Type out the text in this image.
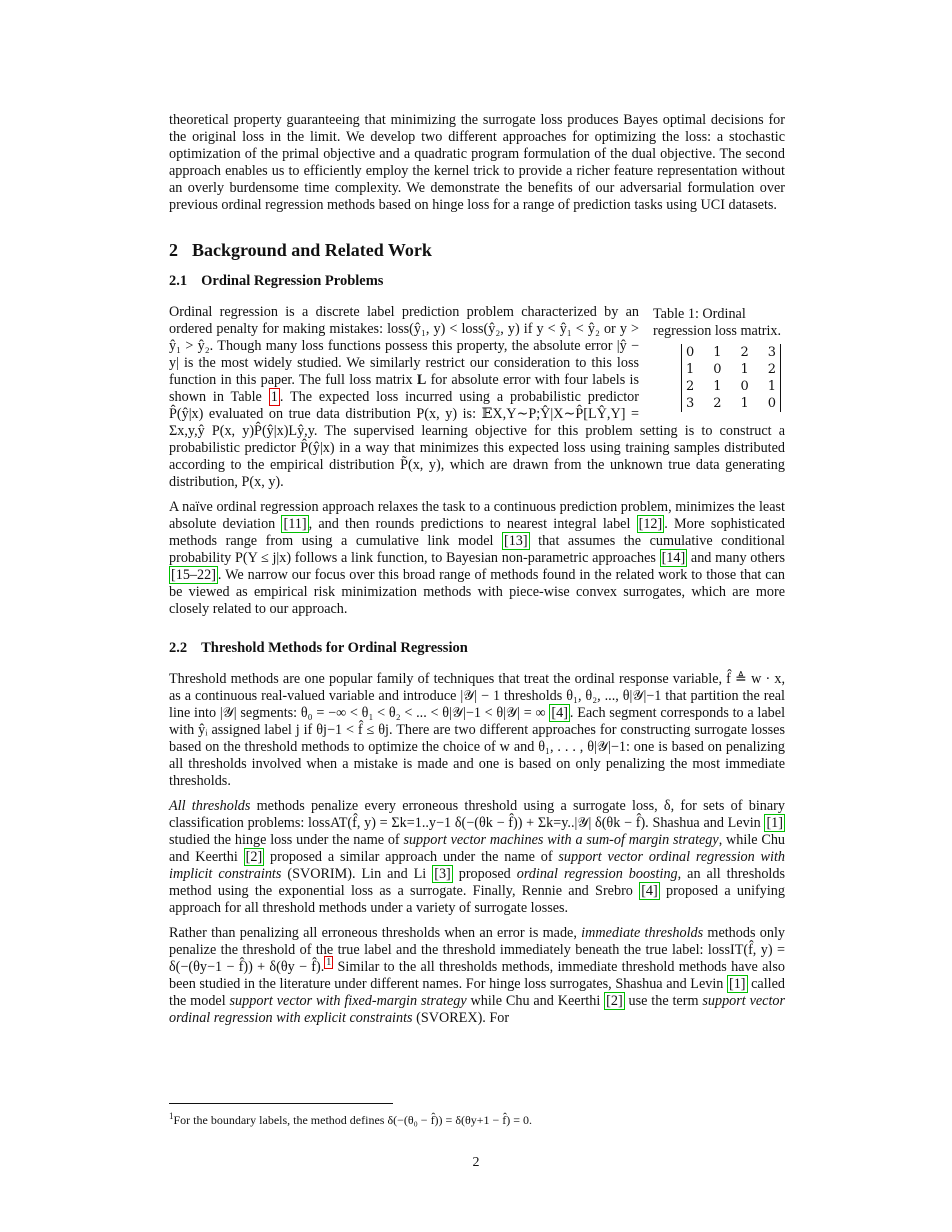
theoretical property guaranteeing that minimizing the surrogate loss produces Bayes optimal decisions for the original loss in the limit. We develop two different approaches for optimizing the loss: a stochastic optimization of the primal objective and a quadratic program formulation of the dual objective. The second approach enables us to efficiently employ the kernel trick to provide a richer feature representation without an overly burdensome time complexity. We demonstrate the benefits of our adversarial formulation over previous ordinal regression methods based on hinge loss for a range of prediction tasks using UCI datasets.

2 Background and Related Work
2.1 Ordinal Regression Problems
Table 1: Ordinal regression loss matrix.
0 1 2 3
1 0 1 2
2 1 0 1
3 2 1 0

Ordinal regression is a discrete label prediction problem characterized by an ordered penalty for making mistakes: loss(ŷ₁, y) < loss(ŷ₂, y) if y < ŷ₁ < ŷ₂ or y > ŷ₁ > ŷ₂. Though many loss functions possess this property, the absolute error |ŷ − y| is the most widely studied. We similarly restrict our consideration to this loss function in this paper. The full loss matrix L for absolute error with four labels is shown in Table 1 . The expected loss incurred using a probabilistic predictor P̂(ŷ|x) evaluated on true data distribution P(x, y) is: 𝔼X,Y∼P;Ŷ|X∼P̂[LŶ,Y] = Σx,y,ŷ P(x, y)P̂(ŷ|x)Lŷ,y. The supervised learning objective for this problem setting is to construct a probabilistic predictor P̂(ŷ|x) in a way that minimizes this expected loss using training samples distributed according to the empirical distribution P̃(x, y), which are drawn from the unknown true data generating distribution, P(x, y).

A naïve ordinal regression approach relaxes the task to a continuous prediction problem, minimizes the least absolute deviation [11] , and then rounds predictions to nearest integral label [12] . More sophisticated methods range from using a cumulative link model [13] that assumes the cumulative conditional probability P(Y ≤ j|x) follows a link function, to Bayesian non-parametric approaches [14] and many others [15–22] . We narrow our focus over this broad range of methods found in the related work to those that can be viewed as empirical risk minimization methods with piece-wise convex surrogates, which are more closely related to our approach.

2.2 Threshold Methods for Ordinal Regression

Threshold methods are one popular family of techniques that treat the ordinal response variable, f̂ ≜ w · x, as a continuous real-valued variable and introduce |𝒴| − 1 thresholds θ₁, θ₂, ..., θ|𝒴|−1 that partition the real line into |𝒴| segments: θ₀ = −∞ < θ₁ < θ₂ < ... < θ|𝒴|−1 < θ|𝒴| = ∞ [4] . Each segment corresponds to a label with ŷᵢ assigned label j if θj−1 < f̂ ≤ θj. There are two different approaches for constructing surrogate losses based on the threshold methods to optimize the choice of w and θ₁, . . . , θ|𝒴|−1: one is based on penalizing all thresholds involved when a mistake is made and one is based on only penalizing the most immediate thresholds.

All thresholds methods penalize every erroneous threshold using a surrogate loss, δ, for sets of binary classification problems: lossAT(f̂, y) = Σk=1..y−1 δ(−(θk − f̂)) + Σk=y..|𝒴| δ(θk − f̂). Shashua and Levin [1] studied the hinge loss under the name of support vector machines with a sum-of margin strategy, while Chu and Keerthi [2] proposed a similar approach under the name of support vector ordinal regression with implicit constraints (SVORIM). Lin and Li [3] proposed ordinal regression boosting, an all thresholds method using the exponential loss as a surrogate. Finally, Rennie and Srebro [4] proposed a unifying approach for all threshold methods under a variety of surrogate losses.

Rather than penalizing all erroneous thresholds when an error is made, immediate thresholds methods only penalize the threshold of the true label and the threshold immediately beneath the true label: lossIT(f̂, y) = δ(−(θy−1 − f̂)) + δ(θy − f̂). $^1$ Similar to the all thresholds methods, immediate threshold methods have also been studied in the literature under different names. For hinge loss surrogates, Shashua and Levin [1] called the model support vector with fixed-margin strategy while Chu and Keerthi [2] use the term support vector ordinal regression with explicit constraints (SVOREX). For

$^1$For the boundary labels, the method defines δ(−(θ₀ − f̂)) = δ(θy+1 − f̂) = 0.
2
